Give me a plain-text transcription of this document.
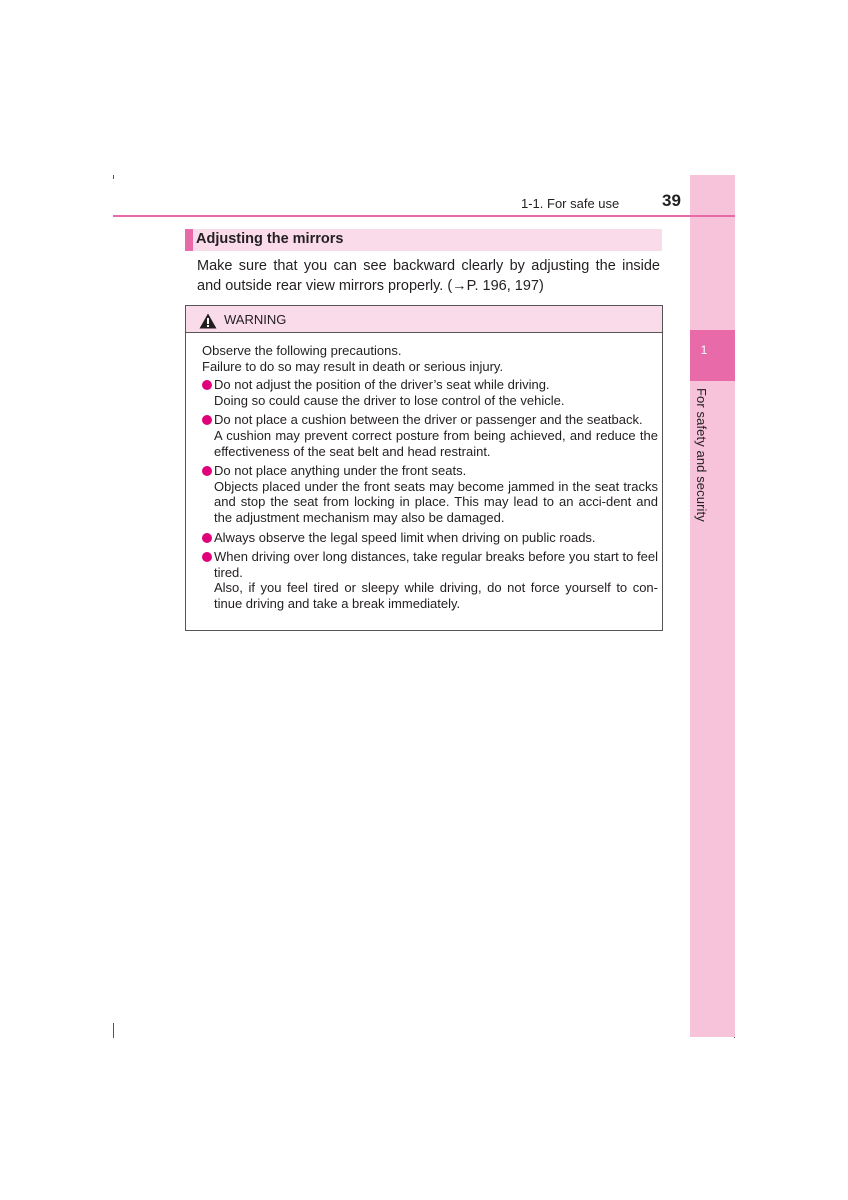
1
For safety and security
1-1. For safe use	39
Adjusting the mirrors
Make sure that you can see backward clearly by adjusting the inside and outside rear view mirrors properly. (→P. 196, 197)
WARNING

Observe the following precautions.

Failure to do so may result in death or serious injury.

Do not adjust the position of the driver’s seat while driving.
Doing so could cause the driver to lose control of the vehicle.
Do not place a cushion between the driver or passenger and the seatback.
A cushion may prevent correct posture from being achieved, and reduce the effectiveness of the seat belt and head restraint.
Do not place anything under the front seats.
Objects placed under the front seats may become jammed in the seat tracks and stop the seat from locking in place. This may lead to an acci-dent and the adjustment mechanism may also be damaged.
Always observe the legal speed limit when driving on public roads.
When driving over long distances, take regular breaks before you start to feel tired.
Also, if you feel tired or sleepy while driving, do not force yourself to con-tinue driving and take a break immediately.
